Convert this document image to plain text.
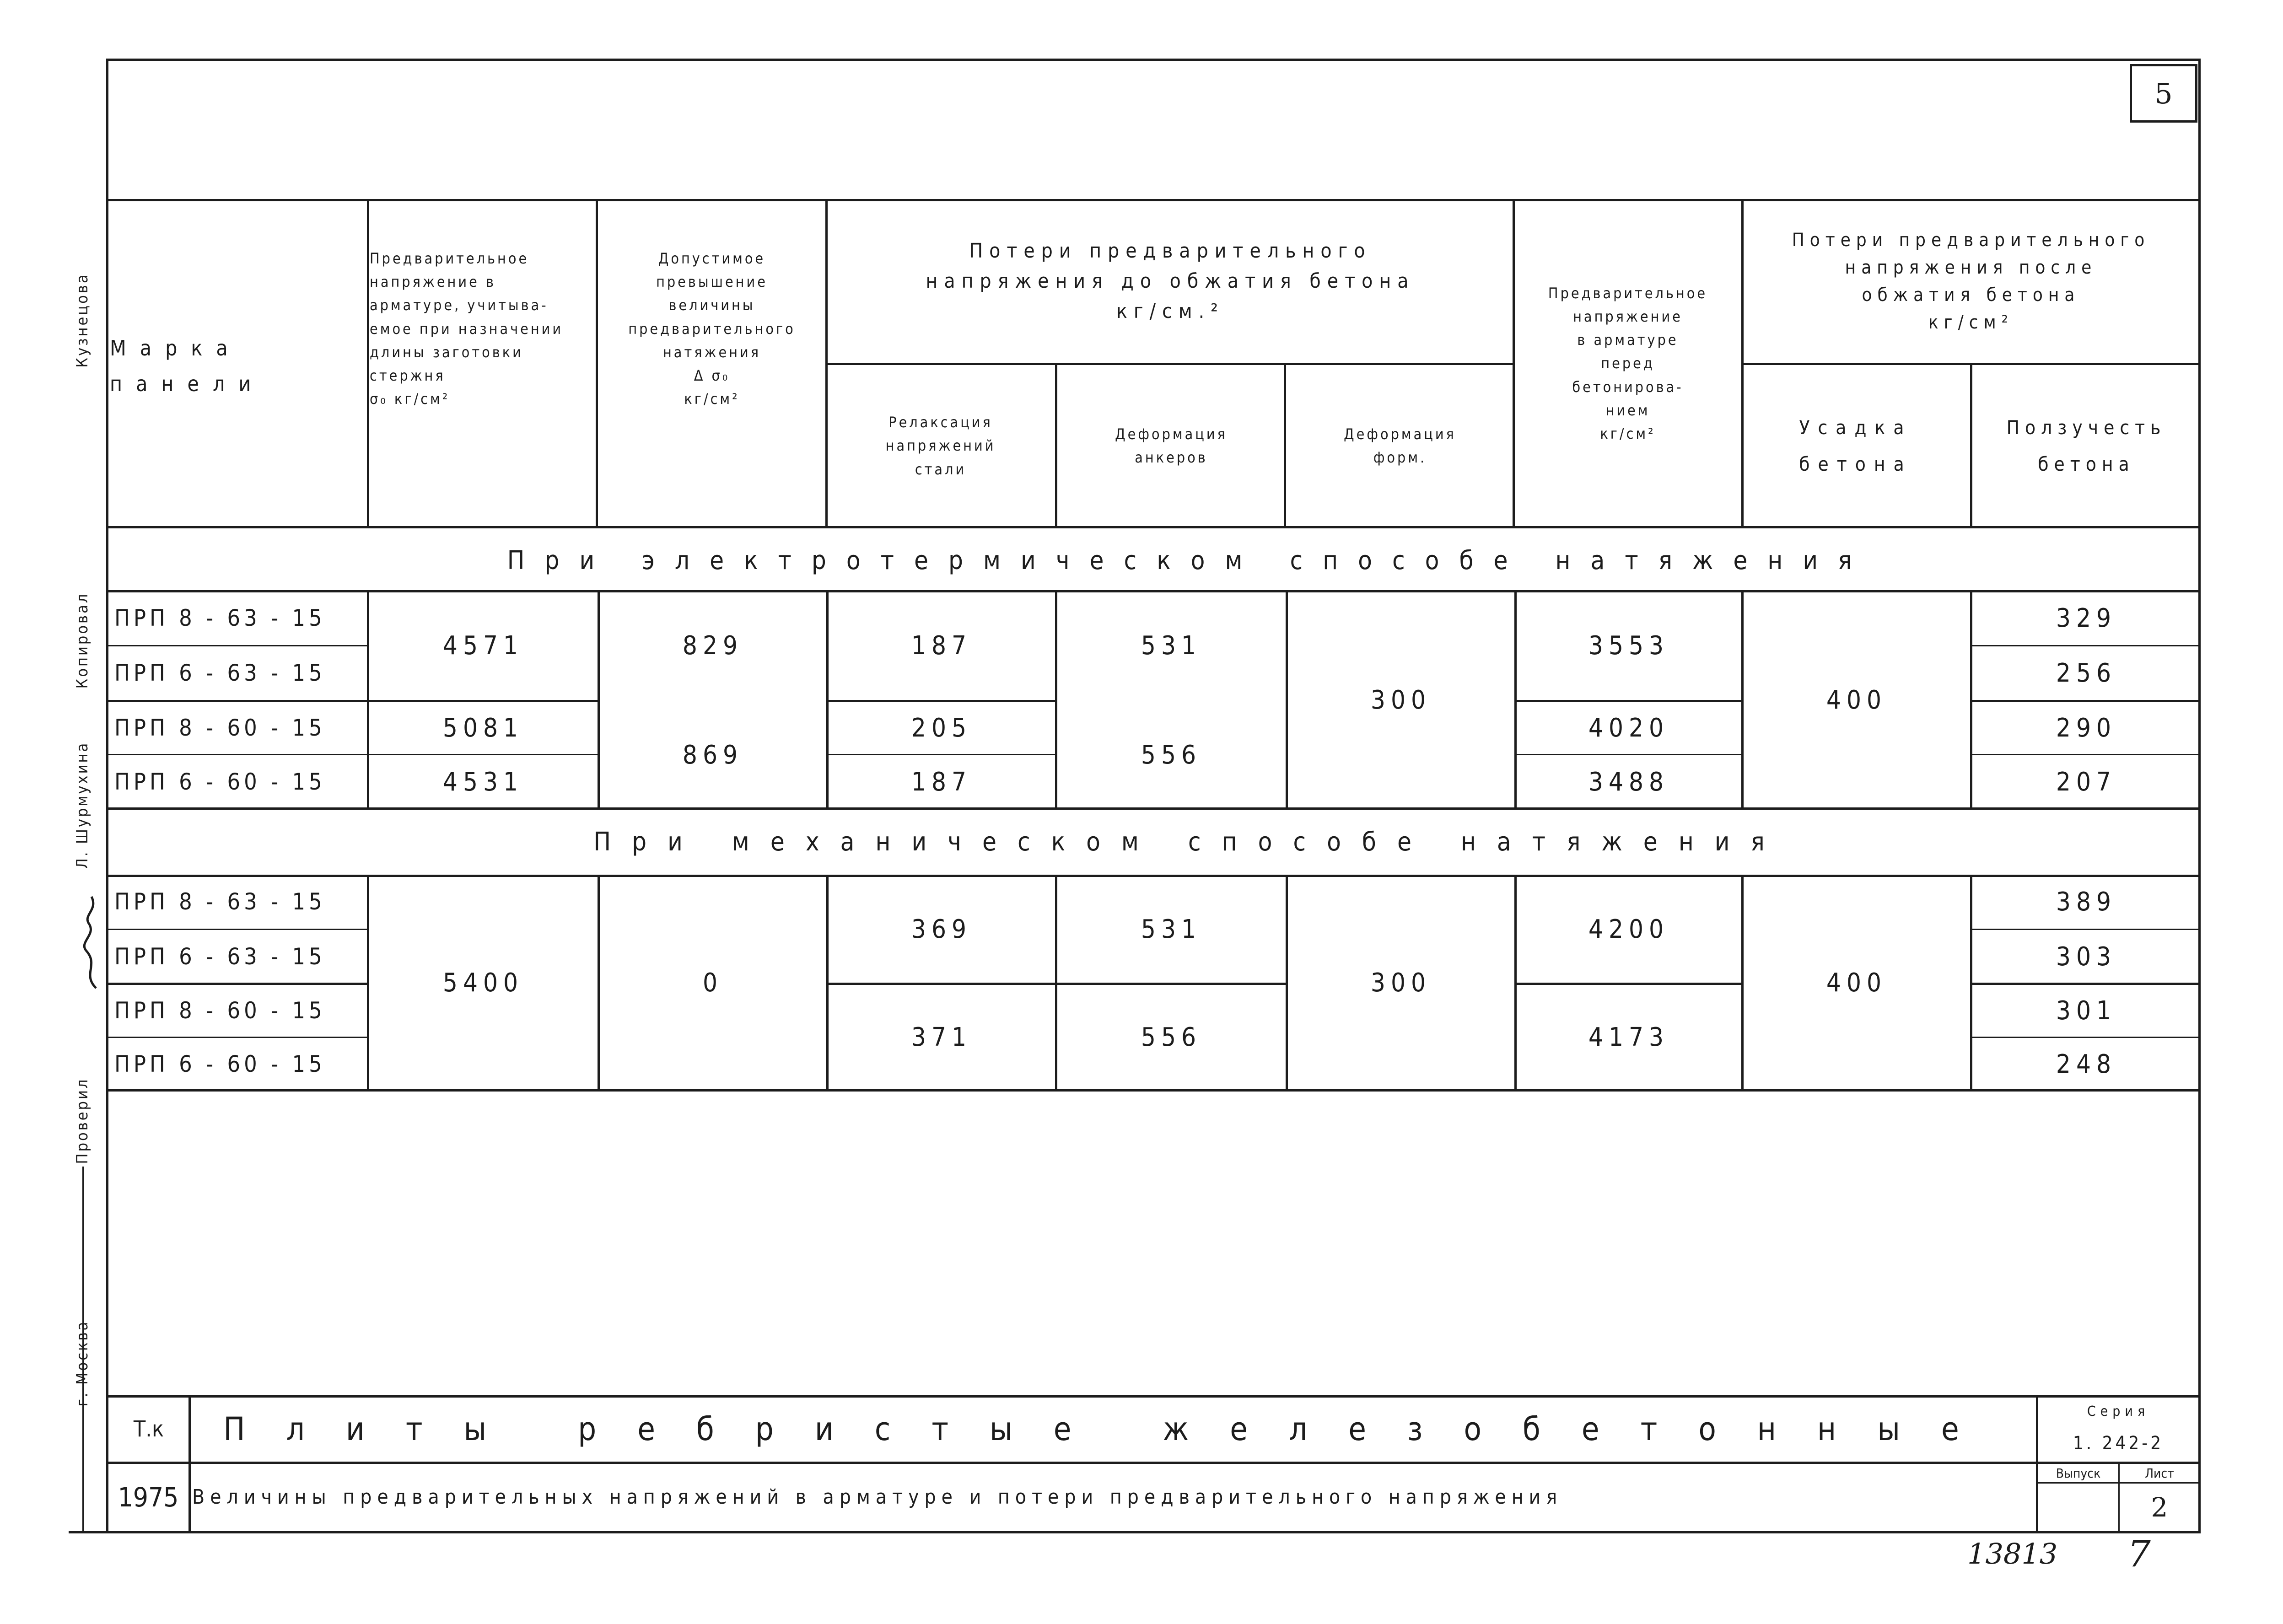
5
Марка
панели
Предварительное
напряжение в
арматуре, учитыва-
емое при назначении
длины заготовки
стержня
σ₀ кг/см²
Допустимое
превышение
величины
предварительного
натяжения
Δ σ₀
кг/см²
Потери предварительного
напряжения до обжатия бетона
кг/см.²
Релаксация
напряжений
стали
Деформация
анкеров
Деформация
форм.
Предварительное
напряжение
в арматуре
перед
бетонирова-
нием
кг/см²
Потери предварительного
напряжения после
обжатия бетона
кг/см²
Усадка
бетона
Ползучесть
бетона
При электротермическом способе натяжения
При механическом способе натяжения
ПРП 8 - 63 - 15
ПРП 6 - 63 - 15
ПРП 8 - 60 - 15
ПРП 6 - 60 - 15
4571
5081
4531
829
869
187
205
187
531
556
300
3553
4020
3488
400
329
256
290
207
ПРП 8 - 63 - 15
ПРП 6 - 63 - 15
ПРП 8 - 60 - 15
ПРП 6 - 60 - 15
5400	0
369
371
531
556
300
4200
4173
400
389
303
301
248
Кузнецова
Копировал
Л. Шурмухина
Проверил
г. Москва
Т.к
1975
Плиты ребристые железобетонные
Величины предварительных напряжений в арматуре и потери предварительного напряжения
Серия
1. 242-2
Выпуск	Лист
2
13813 7
